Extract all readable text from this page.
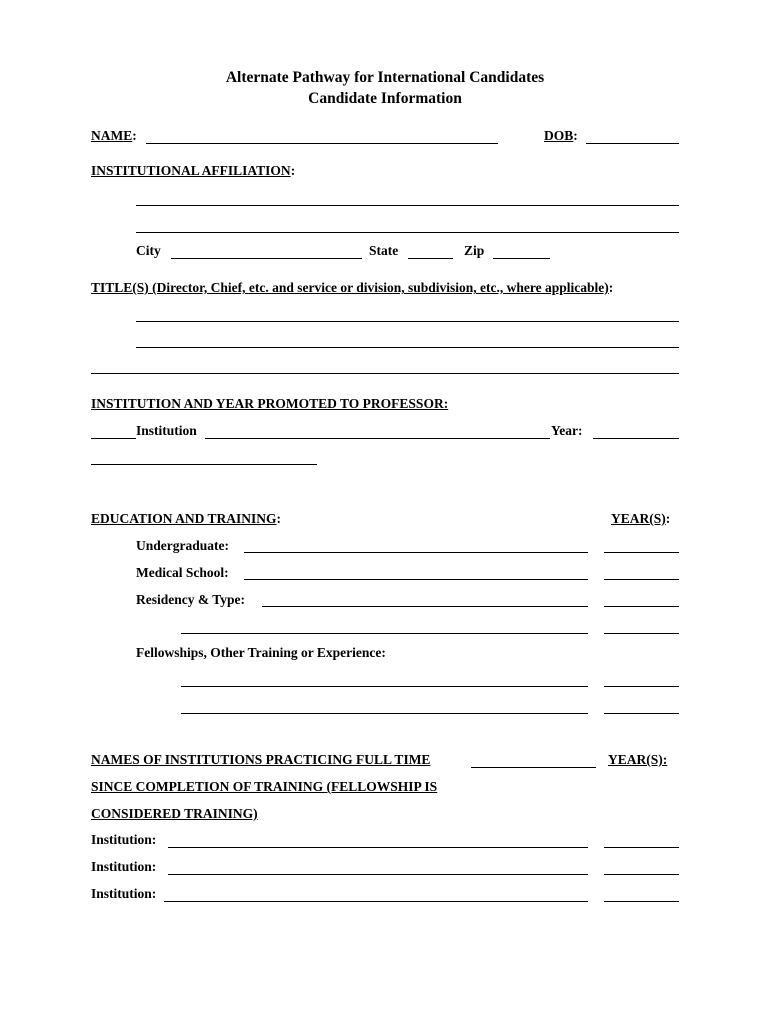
Alternate Pathway for International Candidates
Candidate Information
NAME:	DOB:
INSTITUTIONAL AFFILIATION:
City	State	Zip
TITLE(S) (Director, Chief, etc. and service or division, subdivision, etc., where applicable):
INSTITUTION AND YEAR PROMOTED TO PROFESSOR:
Institution	Year:
EDUCATION AND TRAINING:	YEAR(S):
Undergraduate:
Medical School:
Residency & Type:
Fellowships, Other Training or Experience:
NAMES OF INSTITUTIONS PRACTICING FULL TIME	YEAR(S):
SINCE COMPLETION OF TRAINING (FELLOWSHIP IS
CONSIDERED TRAINING)
Institution:
Institution:
Institution:
